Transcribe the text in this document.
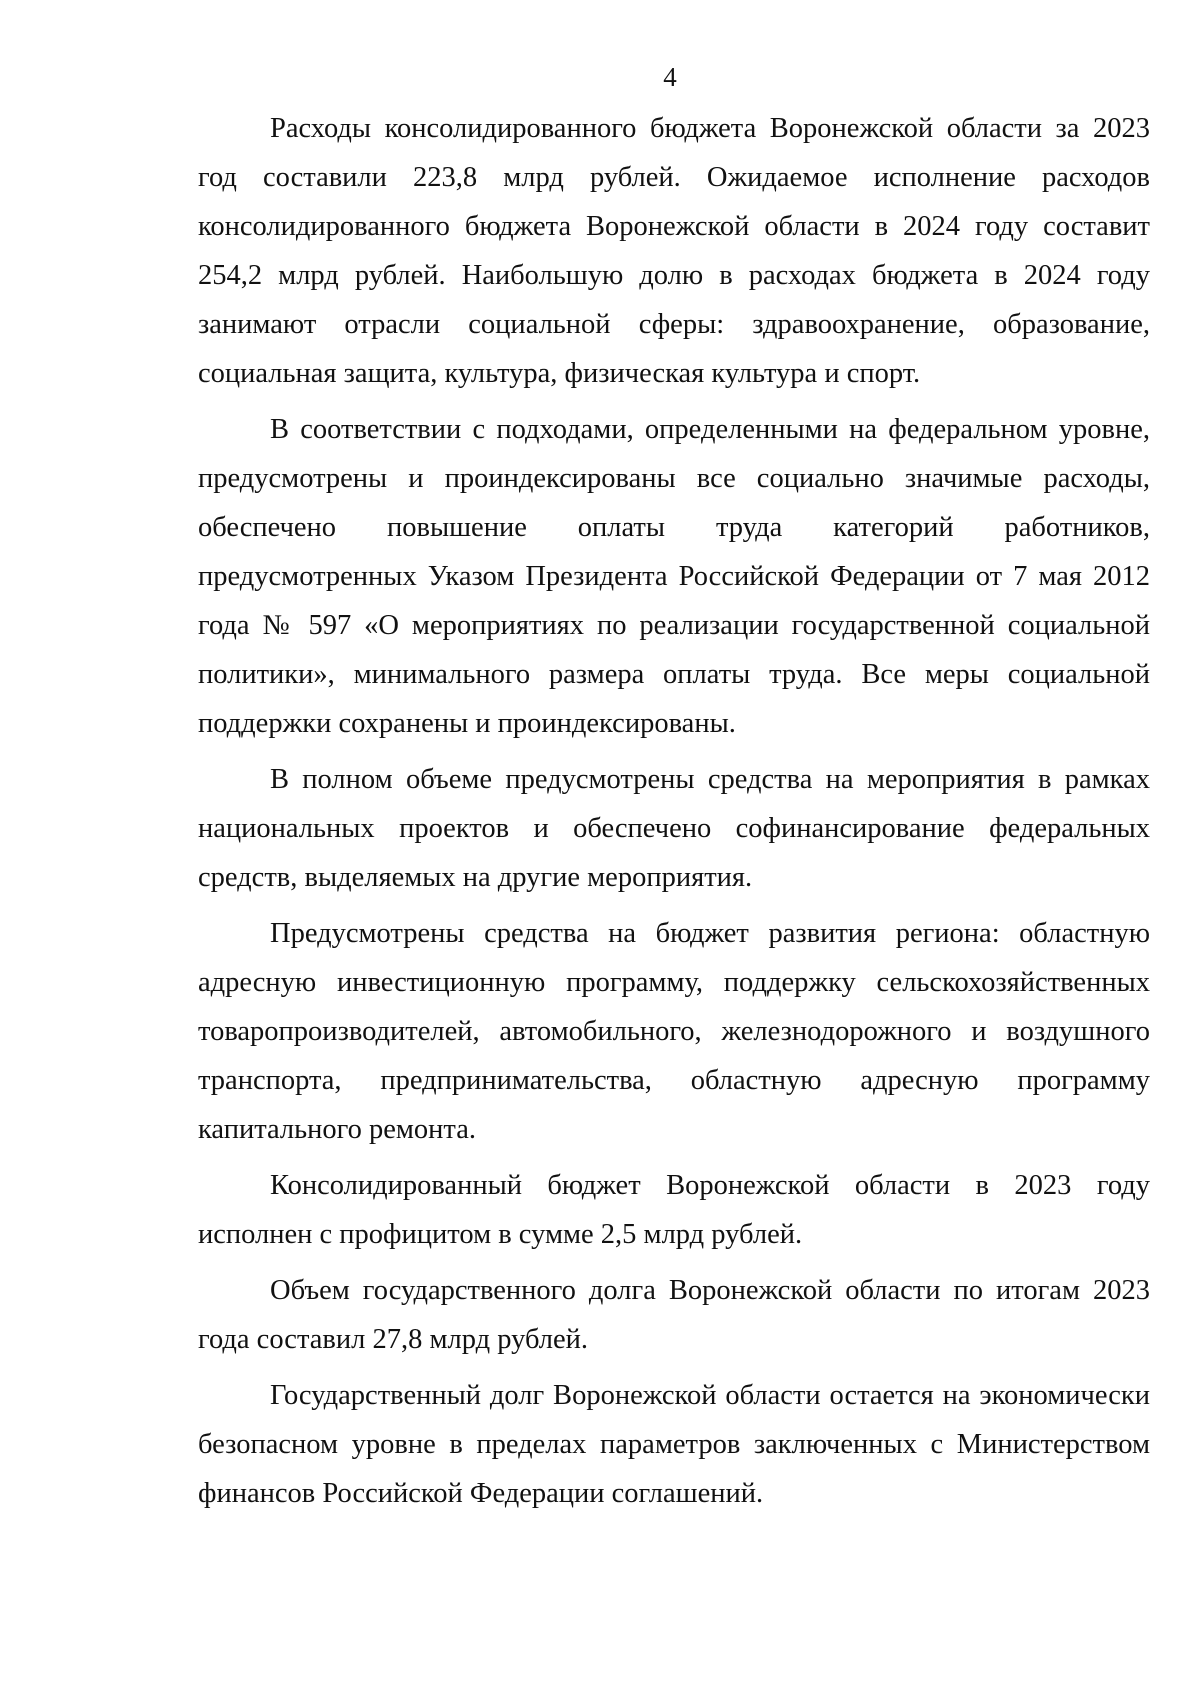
4

Расходы консолидированного бюджета Воронежской области за 2023 год составили 223,8 млрд рублей. Ожидаемое исполнение расходов консолидированного бюджета Воронежской области в 2024 году составит 254,2 млрд рублей. Наибольшую долю в расходах бюджета в 2024 году занимают отрасли социальной сферы: здравоохранение, образование, социальная защита, культура, физическая культура и спорт.

В соответствии с подходами, определенными на федеральном уровне, предусмотрены и проиндексированы все социально значимые расходы, обеспечено повышение оплаты труда категорий работников, предусмотренных Указом Президента Российской Федерации от 7 мая 2012 года № 597 «О мероприятиях по реализации государственной социальной политики», минимального размера оплаты труда. Все меры социальной поддержки сохранены и проиндексированы.

В полном объеме предусмотрены средства на мероприятия в рамках национальных проектов и обеспечено софинансирование федеральных средств, выделяемых на другие мероприятия.

Предусмотрены средства на бюджет развития региона: областную адресную инвестиционную программу, поддержку сельскохозяйственных товаропроизводителей, автомобильного, железнодорожного и воздушного транспорта, предпринимательства, областную адресную программу капитального ремонта.

Консолидированный бюджет Воронежской области в 2023 году исполнен с профицитом в сумме 2,5 млрд рублей.

Объем государственного долга Воронежской области по итогам 2023 года составил 27,8 млрд рублей.

Государственный долг Воронежской области остается на экономически безопасном уровне в пределах параметров заключенных с Министерством финансов Российской Федерации соглашений.
